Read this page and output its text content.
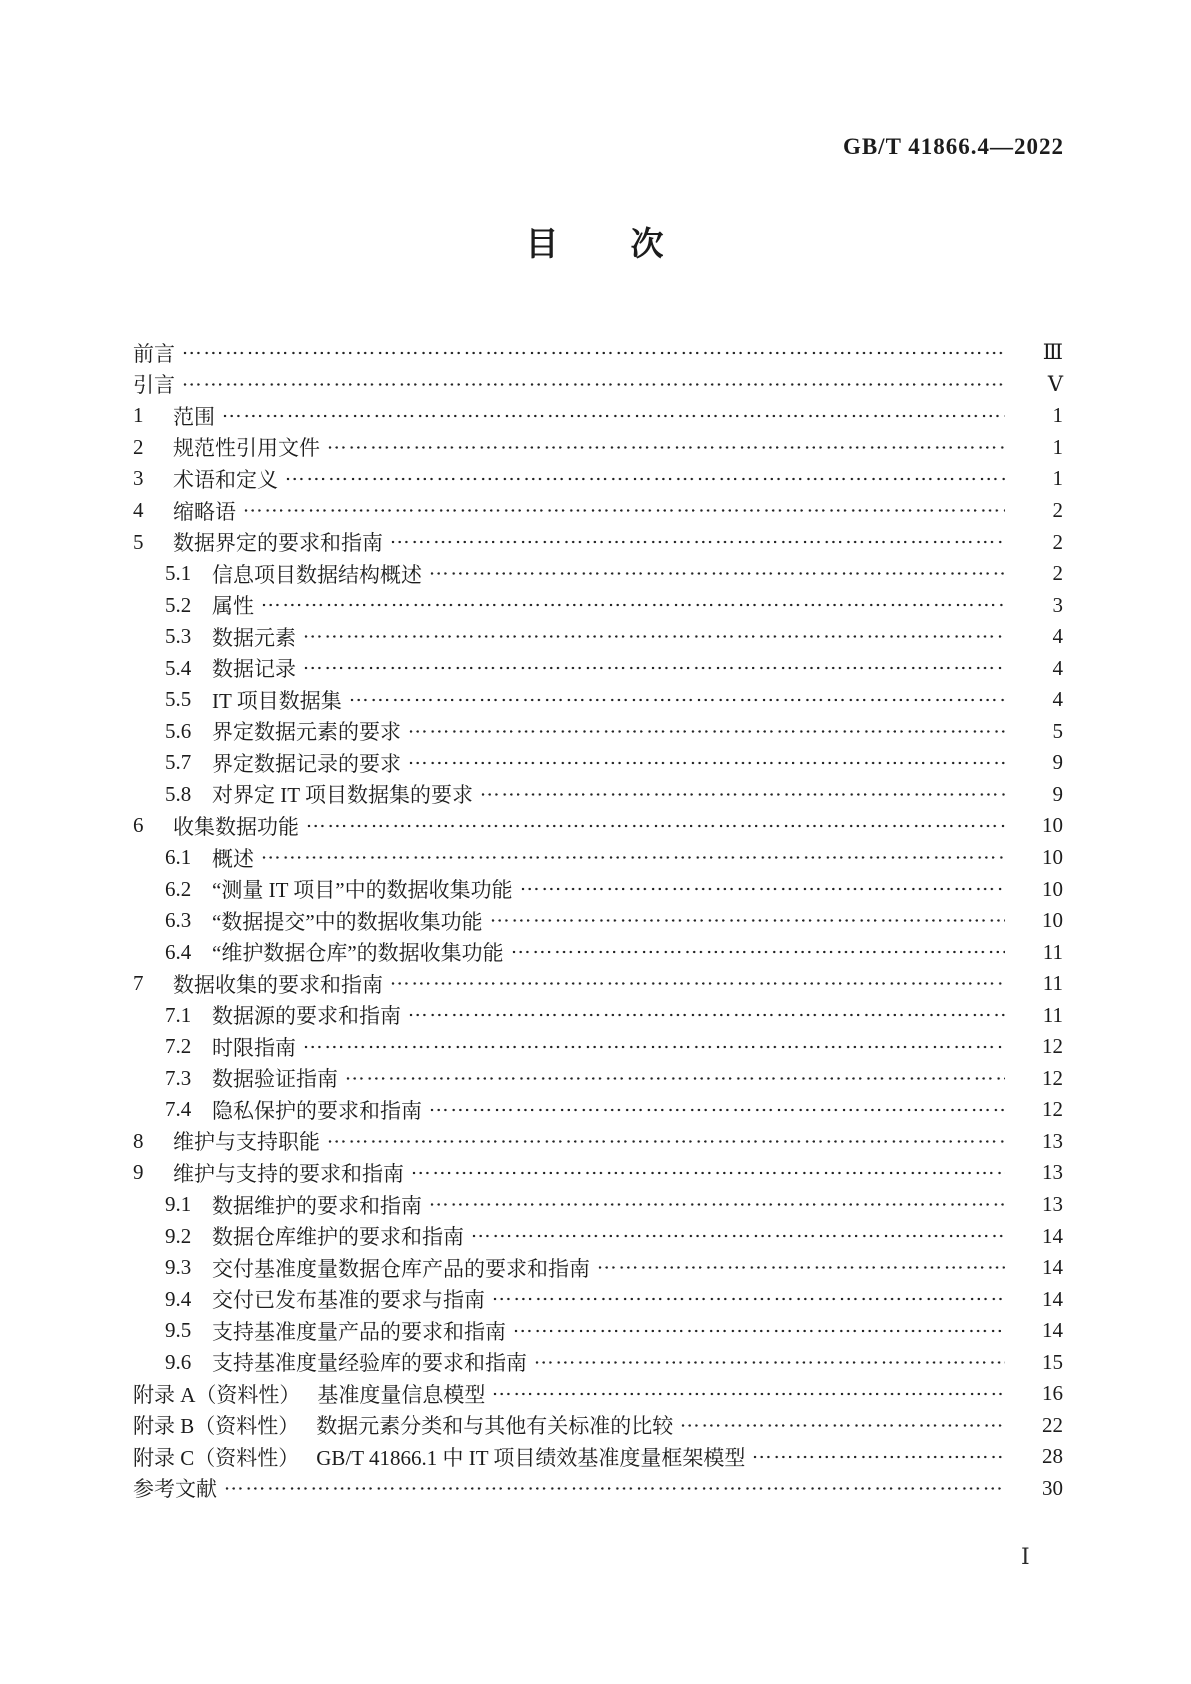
GB/T 41866.4—2022
目　　次
前言	Ⅲ
引言	Ⅴ
1	范围	1
2	规范性引用文件	1
3	术语和定义	1
4	缩略语	2
5	数据界定的要求和指南	2
5.1 信息项目数据结构概述	2
5.2 属性	3
5.3 数据元素	4
5.4 数据记录	4
5.5 IT 项目数据集	4
5.6 界定数据元素的要求	5
5.7 界定数据记录的要求	9
5.8 对界定 IT 项目数据集的要求	9
6	收集数据功能	10
6.1 概述	10
6.2 “测量 IT 项目”中的数据收集功能	10
6.3 “数据提交”中的数据收集功能	10
6.4 “维护数据仓库”的数据收集功能	11
7	数据收集的要求和指南	11
7.1 数据源的要求和指南	11
7.2 时限指南	12
7.3 数据验证指南	12
7.4 隐私保护的要求和指南	12
8	维护与支持职能	13
9	维护与支持的要求和指南	13
9.1 数据维护的要求和指南	13
9.2 数据仓库维护的要求和指南	14
9.3 交付基准度量数据仓库产品的要求和指南	14
9.4 交付已发布基准的要求与指南	14
9.5 支持基准度量产品的要求和指南	14
9.6 支持基准度量经验库的要求和指南	15
附录 A（资料性） 基准度量信息模型	16
附录 B（资料性） 数据元素分类和与其他有关标准的比较	22
附录 C（资料性） GB/T 41866.1 中 IT 项目绩效基准度量框架模型	28
参考文献	30
Ⅰ
